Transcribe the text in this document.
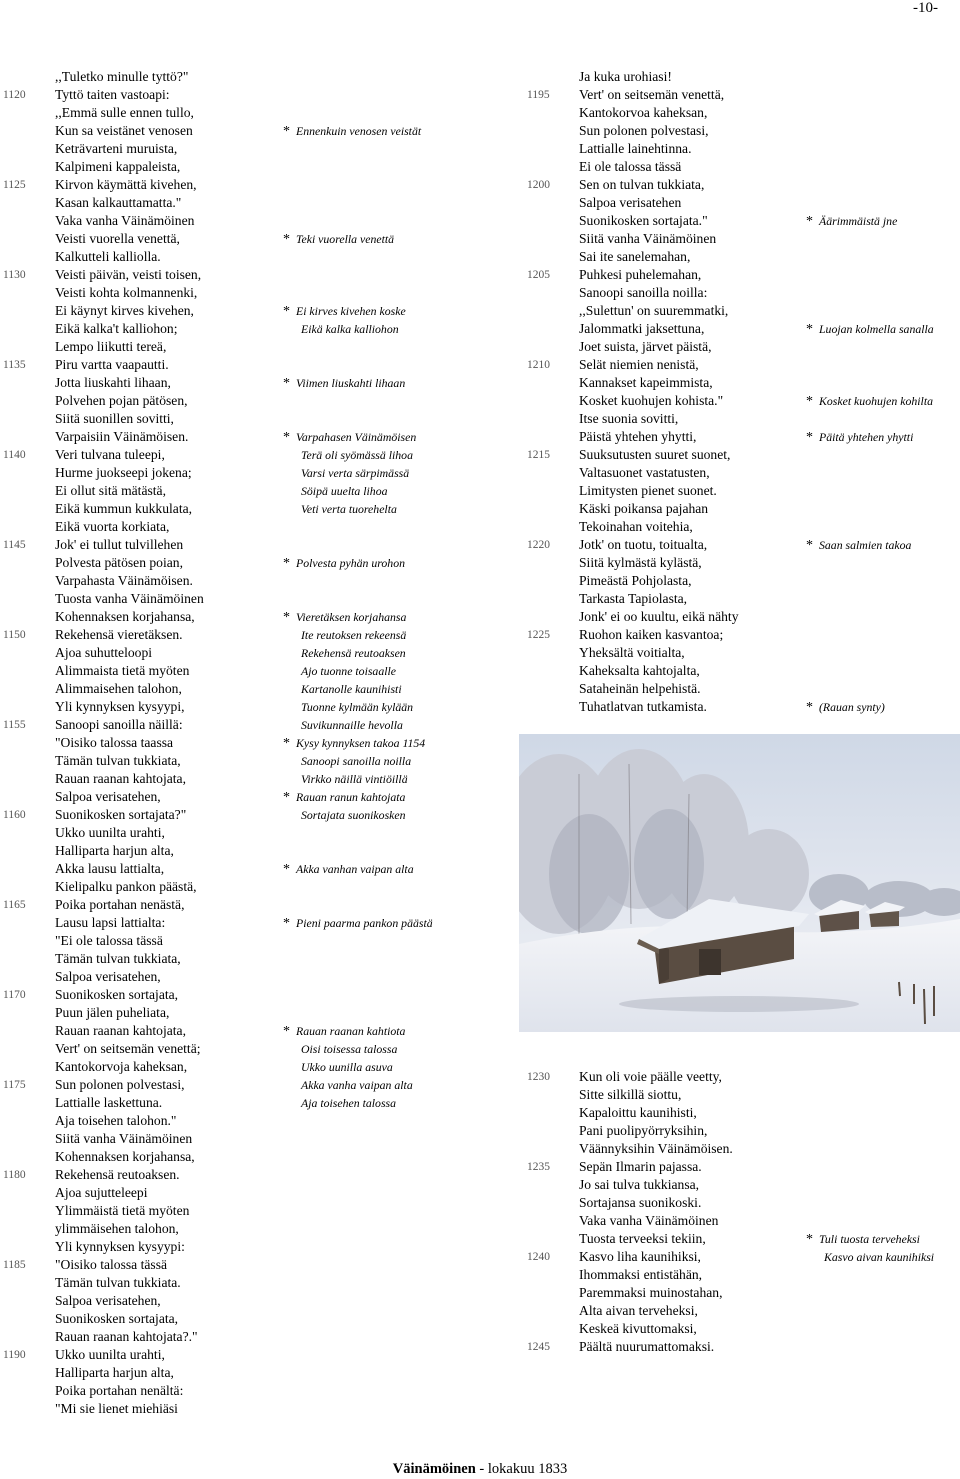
-10-
,,Tuletko minulle tyttö?"
1120 Tyttö taiten vastoapi:
,,Emmä sulle ennen tullo,
Kun sa veistänet venosen	* Ennenkuin venosen veistät
Keträvarteni muruista,
Kalpimeni kappaleista,
1125 Kirvon käymättä kivehen,
Kasan kalkauttamatta."
Vaka vanha Väinämöinen
Veisti vuorella venettä,	* Teki vuorella venettä
Kalkutteli kalliolla.
1130 Veisti päivän, veisti toisen,
Veisti kohta kolmannenki,
Ei käynyt kirves kivehen,	* Ei kirves kivehen koske
Eikä kalka't kalliohon;	Eikä kalka kalliohon
Lempo liikutti tereä,
1135 Piru vartta vaapautti.
Jotta liuskahti lihaan,	* Viimen liuskahti lihaan
Polvehen pojan pätösen,
Siitä suonillen sovitti,
Varpaisiin Väinämöisen.	* Varpahasen Väinämöisen
1140 Veri tulvana tuleepi,	Terä oli syömässä lihoa
Hurme juokseepi jokena;	Varsi verta särpimässä
Ei ollut sitä mätästä,	Söipä uuelta lihoa
Eikä kummun kukkulata,	Veti verta tuorehelta
Eikä vuorta korkiata,
1145 Jok' ei tullut tulvillehen
Polvesta pätösen poian,	* Polvesta pyhän urohon
Varpahasta Väinämöisen.
Tuosta vanha Väinämöinen
Kohennaksen korjahansa,	* Vieretäksen korjahansa
1150 Rekehensä vieretäksen.	Ite reutoksen rekeensä
Ajoa suhutteloopi	Rekehensä reutoaksen
Alimmaista tietä myöten	Ajo tuonne toisaalle
Alimmaisehen talohon,	Kartanolle kaunihisti
Yli kynnyksen kysyypi,	Tuonne kylmään kylään
1155 Sanoopi sanoilla näillä:	Suvikunnaille hevolla
"Oisiko talossa taassa	* Kysy kynnyksen takoa 1154
Tämän tulvan tukkiata,	Sanoopi sanoilla noilla
Rauan raanan kahtojata,	Virkko näillä vintiöillä
Salpoa verisatehen,	* Rauan ranun kahtojata
1160 Suonikosken sortajata?"	Sortajata suonikosken
Ukko uunilta urahti,
Halliparta harjun alta,
Akka lausu lattialta,	* Akka vanhan vaipan alta
Kielipalku pankon päästä,
1165 Poika portahan nenästä,
Lausu lapsi lattialta:	* Pieni paarma pankon päästä
"Ei ole talossa tässä
Tämän tulvan tukkiata,
Salpoa verisatehen,
1170 Suonikosken sortajata,
Puun jälen puheliata,
Rauan raanan kahtojata,	* Rauan raanan kahtiota
Vert' on seitsemän venettä;	Oisi toisessa talossa
Kantokorvoja kaheksan,	Ukko uunilla asuva
1175 Sun polonen polvestasi,	Akka vanha vaipan alta
Lattialle laskettuna.	Aja toisehen talossa
Aja toisehen talohon."
Siitä vanha Väinämöinen
Kohennaksen korjahansa,
1180 Rekehensä reutoaksen.
Ajoa sujutteleepi
Ylimmäistä tietä myöten
ylimmäisehen talohon,
Yli kynnyksen kysyypi:
1185 "Oisiko talossa tässä
Tämän tulvan tukkiata.
Salpoa verisatehen,
Suonikosken sortajata,
Rauan raanan kahtojata?."
1190 Ukko uunilta urahti,
Halliparta harjun alta,
Poika portahan nenältä:
"Mi sie lienet miehiäsi
Ja kuka urohiasi!
1195 Vert' on seitsemän venettä,
Kantokorvoa kaheksan,
Sun polonen polvestasi,
Lattialle lainehtinna.
Ei ole talossa tässä
1200 Sen on tulvan tukkiata,
Salpoa verisatehen
Suonikosken sortajata."	* Äärimmäistä jne
Siitä vanha Väinämöinen
Sai ite sanelemahan,
1205 Puhkesi puhelemahan,
Sanoopi sanoilla noilla:
,,Sulettun' on suuremmatki,
Jalommatki jaksettuna,	* Luojan kolmella sanalla
Joet suista, järvet päistä,
1210 Selät niemien nenistä,
Kannakset kapeimmista,
Kosket kuohujen kohista."	* Kosket kuohujen kohilta
Itse suonia sovitti,
Päistä yhtehen yhytti,	* Päitä yhtehen yhytti
1215 Suuksutusten suuret suonet,
Valtasuonet vastatusten,
Limitysten pienet suonet.
Käski poikansa pajahan
Tekoinahan voitehia,
1220 Jotk' on tuotu, toitualta,	* Saan salmien takoa
Siitä kylmästä kylästä,
Pimeästä Pohjolasta,
Tarkasta Tapiolasta,
Jonk' ei oo kuultu, eikä nähty
1225 Ruohon kaiken kasvantoa;
Yheksältä voitialta,
Kaheksalta kahtojalta,
Sataheinän helpehistä.
Tuhatlatvan tutkamista.	* (Rauan synty)
1230 Kun oli voie päälle veetty,
Sitte silkillä siottu,
Kapaloittu kaunihisti,
Pani puolipyörryksihin,
Väännyksihin Väinämöisen.
1235 Sepän Ilmarin pajassa.
Jo sai tulva tukkiansa,
Sortajansa suonikoski.
Vaka vanha Väinämöinen
Tuosta terveeksi tekiin,	* Tuli tuosta terveheksi
1240 Kasvo liha kaunihiksi,	Kasvo aivan kaunihiksi
Ihommaksi entistähän,
Paremmaksi muinostahan,
Alta aivan terveheksi,
Keskeä kivuttomaksi,
1245 Päältä nuurumattomaksi.
Väinämöinen - lokakuu 1833
